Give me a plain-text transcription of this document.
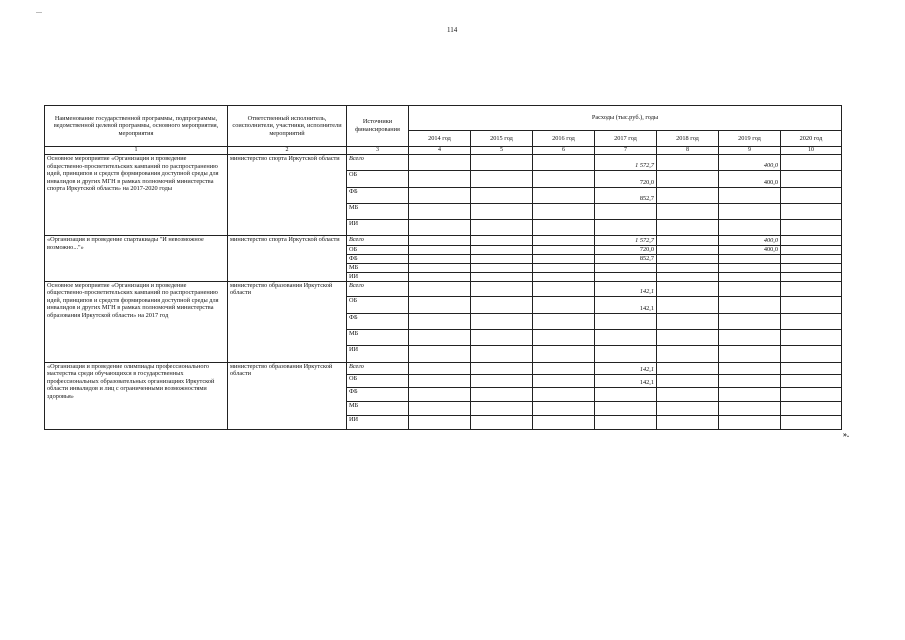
114
Наименование государственной программы, подпрограммы, ведомственной целевой программы, основного мероприятия, мероприятия	Ответственный исполнитель, соисполнители, участники, исполнители мероприятий	Источники финансирования	Расходы (тыс.руб.), годы						
			2014 год	2015 год	2016 год	2017 год	2018 год	2019 год	2020 год
1	2	3	4	5	6	7	8	9	10
Основное мероприятие «Организация и проведение общественно-просветительских кампаний по распространению идей, принципов и средств формирования доступной среды для инвалидов и других МГН в рамках полномочий министерства спорта Иркутской области» на 2017-2020 годы	министерство спорта Иркутской области	Всего				1 572,7		400,0	
		ОБ				720,0		400,0	
		ФБ				852,7			
		МБ							
		ИИ							
«Организация и проведение спартакиады "И невозможное возможно..."»	министерство спорта Иркутской области	Всего				1 572,7		400,0	
		ОБ				720,0		400,0	
		ФБ				852,7			
		МБ							
		ИИ							
Основное мероприятие «Организация и проведение общественно-просветительских кампаний по распространению идей, принципов и средств формирования доступной среды для инвалидов и других МГН в рамках полномочий министерства образования Иркутской области» на 2017 год	министерство образования Иркутской области	Всего				142,1			
		ОБ				142,1			
		ФБ							
		МБ							
		ИИ							
«Организация и проведение олимпиады профессионального мастерства среди обучающихся в государственных профессиональных образовательных организациях Иркутской области инвалидов и лиц с ограниченными возможностями здоровья»	министерство образования Иркутской области	Всего				142,1			
		ОБ				142,1			
		ФБ							
		МБ							
		ИИ							
».
